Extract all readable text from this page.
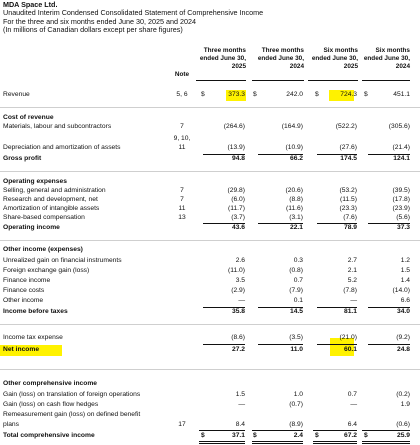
MDA Space Ltd.
Unaudited Interim Condensed Consolidated Statement of Comprehensive Income
For the three and six months ended June 30, 2025 and 2024
(In millions of Canadian dollars except per share figures)
Three months
ended June 30,
2025
Three months
ended June 30,
2024
Six months
ended June 30,
2025
Six months
ended June 30,
2024
Note
Revenue	5, 6	$	373.3 $	242.0 $	724.3 $	451.1
Cost of revenue
Materials, labour and subcontractors	7	(264.6)	(164.9)	(522.2)	(305.6)
9, 10,
Depreciation and amortization of assets	11	(13.9)	(10.9)	(27.6)	(21.4)
Gross profit	94.8	66.2	174.5	124.1
Operating expenses
Selling, general and administration	7	(29.8)	(20.6)	(53.2)	(39.5)
Research and development, net	7	(6.0)	(8.8)	(11.5)	(17.8)
Amortization of intangible assets	11	(11.7)	(11.6)	(23.3)	(23.9)
Share-based compensation	13	(3.7)	(3.1)	(7.6)	(5.6)
Operating income	43.6	22.1	78.9	37.3
Other income (expenses)
Unrealized gain on financial instruments	2.6	0.3	2.7	1.2
Foreign exchange gain (loss)	(11.0)	(0.8)	2.1	1.5
Finance income	3.5	0.7	5.2	1.4
Finance costs	(2.9)	(7.9)	(7.8)	(14.0)
Other income	—	0.1	—	6.6
Income before taxes	35.8	14.5	81.1	34.0
Income tax expense	(8.6)	(3.5)	(21.0)	(9.2)
Net income	27.2	11.0	60.1	24.8
Other comprehensive income
Gain (loss) on translation of foreign operations	1.5	1.0	0.7	(0.2)
Gain (loss) on cash flow hedges	—	(0.7)	—	1.9
Remeasurement gain (loss) on defined benefit
plans	17	8.4	(8.9)	6.4	(0.6)
Total comprehensive income	$	37.1 $	2.4 $	67.2 $	25.9
